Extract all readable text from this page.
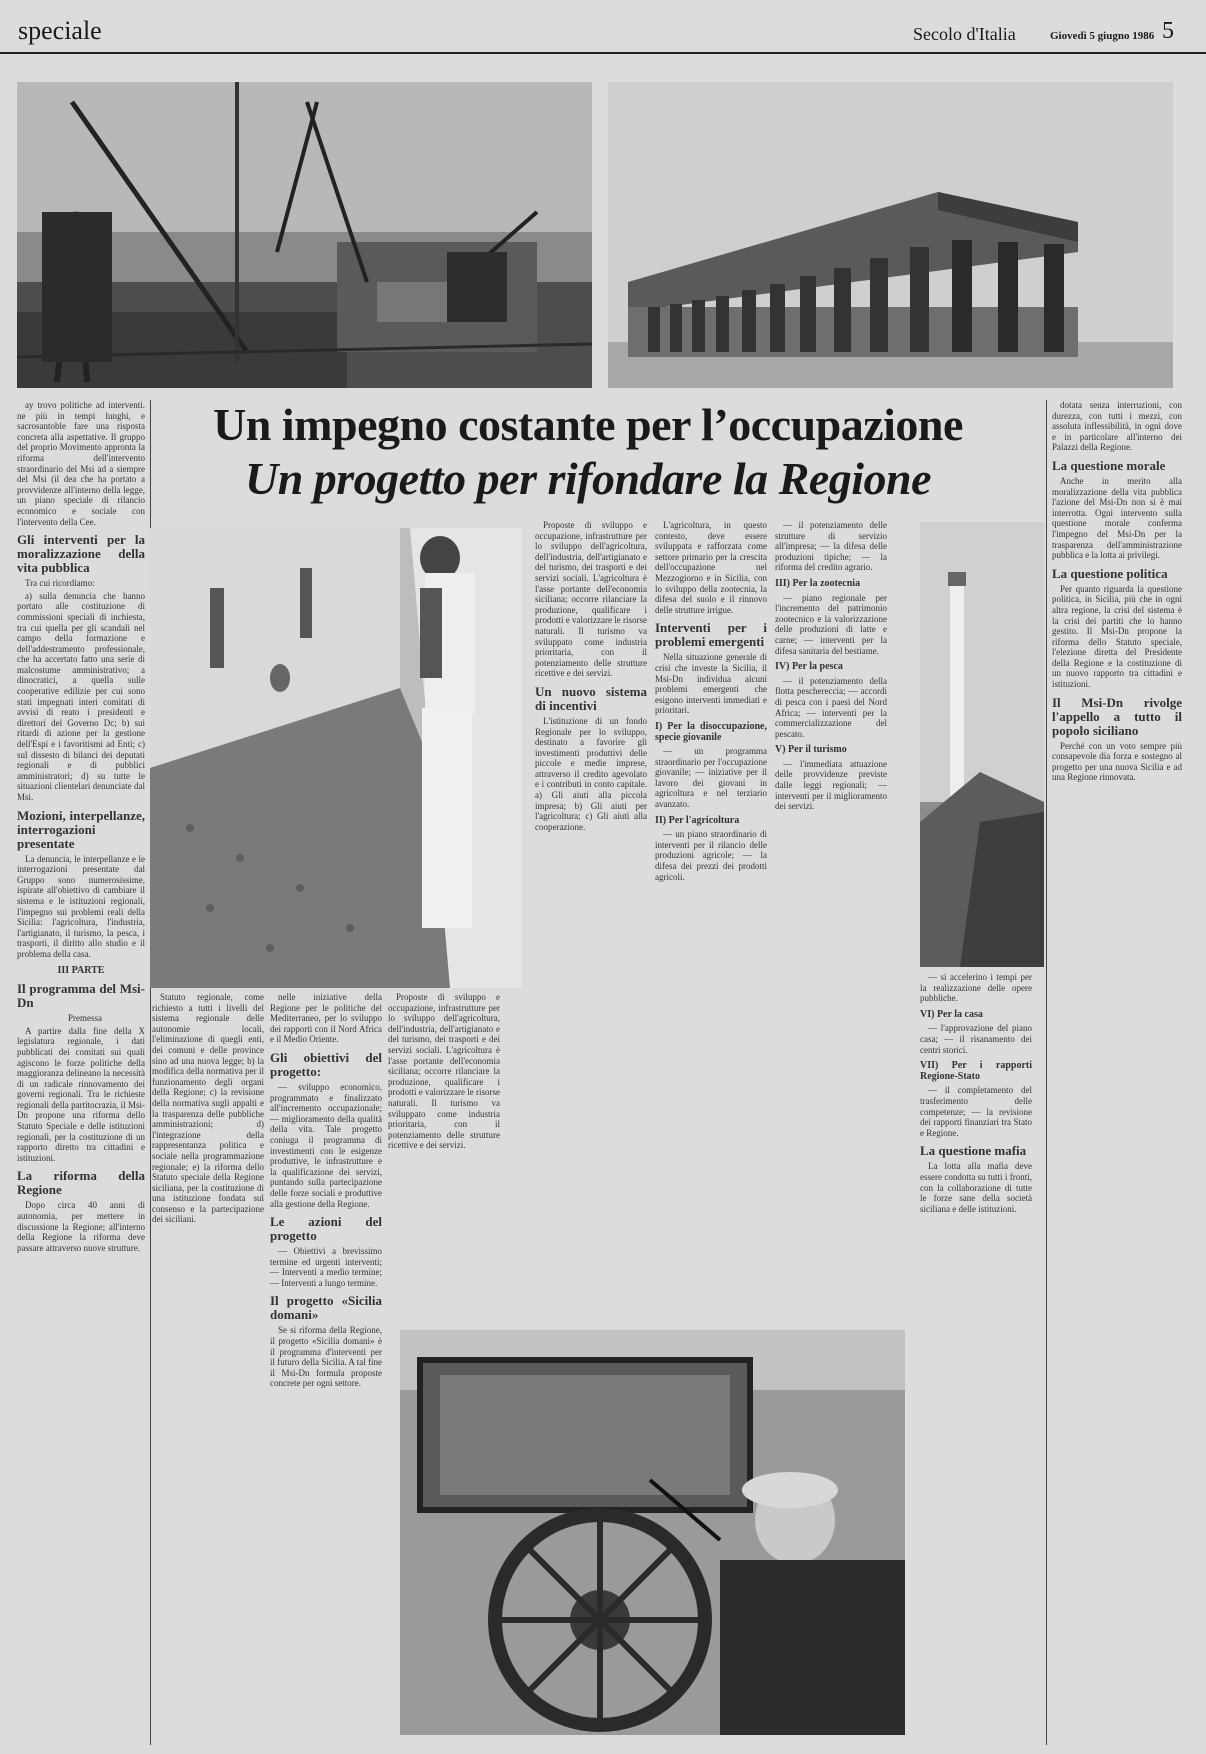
speciale	Secolo d'Italia	Giovedì 5 giugno 1986 5
Un impegno costante per l’occupazione
Un progetto per rifondare la Regione

ay trovo politiche ad interventi. ne più in tempi lunghi, e sacrosantoble fare una risposta concreta alla aspettative. Il gruppo del proprio Movimento appronta la riforma dell'intervento straordinario del Msi ad a siempre del Msi (il dea che ha portato a provvidenze all'interno della legge, un piano speciale di rilancio economico e sociale con l'intervento della Cee.

Gli interventi per la moralizzazione della vita pubblica

Tra cui ricordiamo:

a) sulla denuncia che hanno portato alle costituzione di commissioni speciali di inchiesta, tra cui quella per gli scandali nel campo della formazione e dell'addestramento professionale, che ha accertato fatto una serie di malcostume amministrativo; a dinocratici, a quella sulle cooperative edilizie per cui sono stati impegnati interi comitati di avvisi di reato i presidenti e direttori del Governo Dc; b) sui ritardi di azione per la gestione dell'Espi e i favoritismi ad Enti; c) sul dissesto di bilanci dei deputati regionali e di pubblici amministratori; d) su tutte le situazioni clientelari denunciate dal Msi.

Mozioni, interpellanze, interrogazioni presentate

La denuncia, le interpellanze e le interrogazioni presentate dal Gruppo sono numerosissime, ispirate all'obiettivo di cambiare il sistema e le istituzioni regionali, l'impegno sui problemi reali della Sicilia: l'agricoltura, l'industria, l'artigianato, il turismo, la pesca, i trasporti, il diritto allo studio e il problema della casa.

III PARTE
Il programma del Msi-Dn

Premessa

A partire dalla fine della X legislatura regionale, i dati pubblicati dei comitati sui quali agiscono le forze politiche della maggioranza delineano la necessità di un radicale rinnovamento dei governi regionali. Tra le richieste regionali della partitocrazia, il Msi-Dn propone una riforma dello Statuto Speciale e delle istituzioni regionali, per la costituzione di un rapporto diretto tra cittadini e istituzioni.

La riforma della Regione

Dopo circa 40 anni di autonomia, per mettere in discussione la Regione; all'interno della Regione la riforma deve passare attraverso nuove strutture.

Statuto regionale, come richiesto a tutti i livelli del sistema regionale delle autonomie locali, l'eliminazione di quegli enti, dei comuni e delle province sino ad una nuova legge; b) la modifica della normativa per il funzionamento degli organi della Regione; c) la revisione della normativa sugli appalti e la trasparenza delle pubbliche amministrazioni; d) l'integrazione della rappresentanza politica e sociale nella programmazione regionale; e) la riforma dello Statuto speciale della Regione siciliana, per la costituzione di una istituzione fondata sul consenso e la partecipazione dei siciliani.

nelle iniziative della Regione per le politiche del Mediterraneo, per lo sviluppo dei rapporti con il Nord Africa e il Medio Oriente.

Gli obiettivi del progetto:

— sviluppo economico, programmato e finalizzato all'incremento occupazionale; — miglioramento della qualità della vita. Tale progetto coniuga il programma di investimenti con le esigenze produttive, le infrastrutture e la qualificazione dei servizi, puntando sulla partecipazione delle forze sociali e produttive alla gestione della Regione.

Le azioni del progetto

— Obiettivi a brevissimo termine ed urgenti interventi; — Interventi a medio termine; — Interventi a lungo termine.

Il progetto «Sicilia domani»

Se si riforma della Regione, il progetto «Sicilia domani» è il programma d'interventi per il futuro della Sicilia. A tal fine il Msi-Dn formula proposte concrete per ogni settore.

Proposte di sviluppo e occupazione, infrastrutture per lo sviluppo dell'agricoltura, dell'industria, dell'artigianato e del turismo, dei trasporti e dei servizi sociali. L'agricoltura è l'asse portante dell'economia siciliana; occorre rilanciare la produzione, qualificare i prodotti e valorizzare le risorse naturali. Il turismo va sviluppato come industria prioritaria, con il potenziamento delle strutture ricettive e dei servizi.

Proposte di sviluppo e occupazione, infrastrutture per lo sviluppo dell'agricoltura, dell'industria, dell'artigianato e del turismo, dei trasporti e dei servizi sociali. L'agricoltura è l'asse portante dell'economia siciliana; occorre rilanciare la produzione, qualificare i prodotti e valorizzare le risorse naturali. Il turismo va sviluppato come industria prioritaria, con il potenziamento delle strutture ricettive e dei servizi.

Un nuovo sistema di incentivi

L'istituzione di un fondo Regionale per lo sviluppo, destinato a favorire gli investimenti produttivi delle piccole e medie imprese, attraverso il credito agevolato e i contributi in conto capitale. a) Gli aiuti alla piccola impresa; b) Gli aiuti per l'agricoltura; c) Gli aiuti alla cooperazione.

L'agricoltura, in questo contesto, deve essere sviluppata e rafforzata come settore primario per la crescita dell'occupazione nel Mezzogiorno e in Sicilia, con lo sviluppo della zootecnia, la difesa del suolo e il rinnovo delle strutture irrigue.

Interventi per i problemi emergenti

Nella situazione generale di crisi che investe la Sicilia, il Msi-Dn individua alcuni problemi emergenti che esigono interventi immediati e prioritari.

I) Per la disoccupazione, specie giovanile

— un programma straordinario per l'occupazione giovanile; — iniziative per il lavoro dei giovani in agricoltura e nel terziario avanzato.

II) Per l'agricoltura

— un piano straordinario di interventi per il rilancio delle produzioni agricole; — la difesa dei prezzi dei prodotti agricoli.

— il potenziamento delle strutture di servizio all'impresa; — la difesa delle produzioni tipiche; — la riforma del credito agrario.

III) Per la zootecnia

— piano regionale per l'incremento del patrimonio zootecnico e la valorizzazione delle produzioni di latte e carne; — interventi per la difesa sanitaria del bestiame.

IV) Per la pesca

— il potenziamento della flotta peschereccia; — accordi di pesca con i paesi del Nord Africa; — interventi per la commercializzazione del pescato.

V) Per il turismo

— l'immediata attuazione delle provvidenze previste dalle leggi regionali; — interventi per il miglioramento dei servizi.

— si accelerino i tempi per la realizzazione delle opere pubbliche.

VI) Per la casa

— l'approvazione del piano casa; — il risanamento dei centri storici.

VII) Per i rapporti Regione-Stato

— il completamento del trasferimento delle competenze; — la revisione dei rapporti finanziari tra Stato e Regione.

La questione mafia

La lotta alla mafia deve essere condotta su tutti i fronti, con la collaborazione di tutte le forze sane della società siciliana e delle istituzioni.

dotata senza interruzioni, con durezza, con tutti i mezzi, con assoluta inflessibilità, in ogni dove e in particolare all'interno dei Palazzi della Regione.

La questione morale

Anche in merito alla moralizzazione della vita pubblica l'azione del Msi-Dn non si è mai interrotta. Ogni intervento sulla questione morale conferma l'impegno del Msi-Dn per la trasparenza dell'amministrazione pubblica e la lotta ai privilegi.

La questione politica

Per quanto riguarda la questione politica, in Sicilia, più che in ogni altra regione, la crisi del sistema è la crisi dei partiti che lo hanno gestito. Il Msi-Dn propone la riforma dello Statuto speciale, l'elezione diretta del Presidente della Regione e la costituzione di un nuovo rapporto tra cittadini e istituzioni.

Il Msi-Dn rivolge l'appello a tutto il popolo siciliano

Perché con un voto sempre più consapevole dia forza e sostegno al progetto per una nuova Sicilia e ad una Regione rinnovata.
